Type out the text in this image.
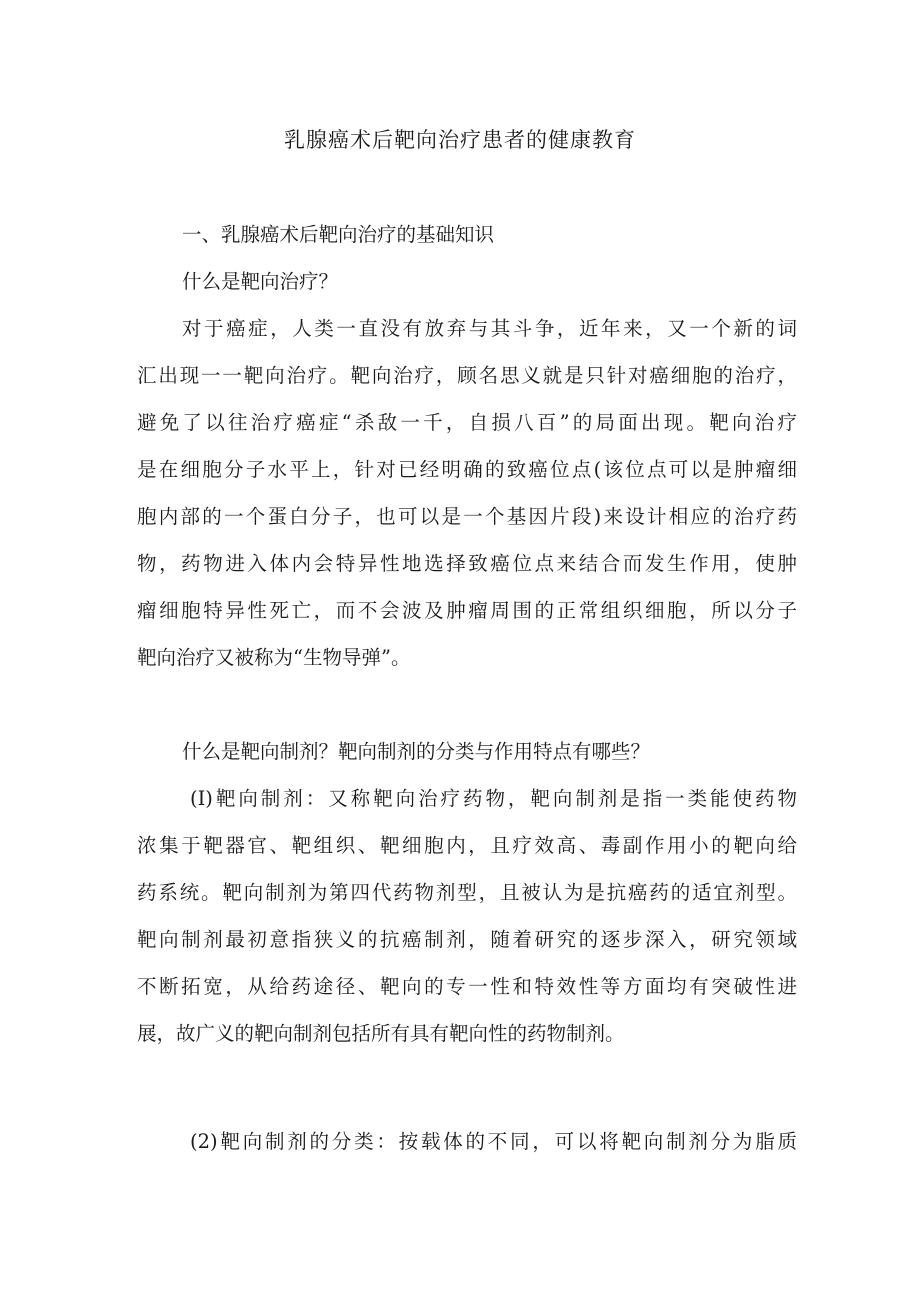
乳腺癌术后靶向治疗患者的健康教育
一、乳腺癌术后靶向治疗的基础知识
什么是靶向治疗？
对于癌症，人类一直没有放弃与其斗争，近年来，又一个新的词
汇出现一一靶向治疗。靶向治疗，顾名思义就是只针对癌细胞的治疗，
避免了以往治疗癌症“杀敌一千，自损八百”的局面出现。靶向治疗
是在细胞分子水平上，针对已经明确的致癌位点(该位点可以是肿瘤细
胞内部的一个蛋白分子，也可以是一个基因片段)来设计相应的治疗药
物，药物进入体内会特异性地选择致癌位点来结合而发生作用，使肿
瘤细胞特异性死亡，而不会波及肿瘤周围的正常组织细胞，所以分子
靶向治疗又被称为“生物导弹”。
什么是靶向制剂？靶向制剂的分类与作用特点有哪些？
(I)靶向制剂：又称靶向治疗药物，靶向制剂是指一类能使药物
浓集于靶器官、靶组织、靶细胞内，且疗效高、毒副作用小的靶向给
药系统。靶向制剂为第四代药物剂型，且被认为是抗癌药的适宜剂型。
靶向制剂最初意指狭义的抗癌制剂，随着研究的逐步深入，研究领域
不断拓宽，从给药途径、靶向的专一性和特效性等方面均有突破性进
展，故广义的靶向制剂包括所有具有靶向性的药物制剂。
(2)靶向制剂的分类：按载体的不同，可以将靶向制剂分为脂质
